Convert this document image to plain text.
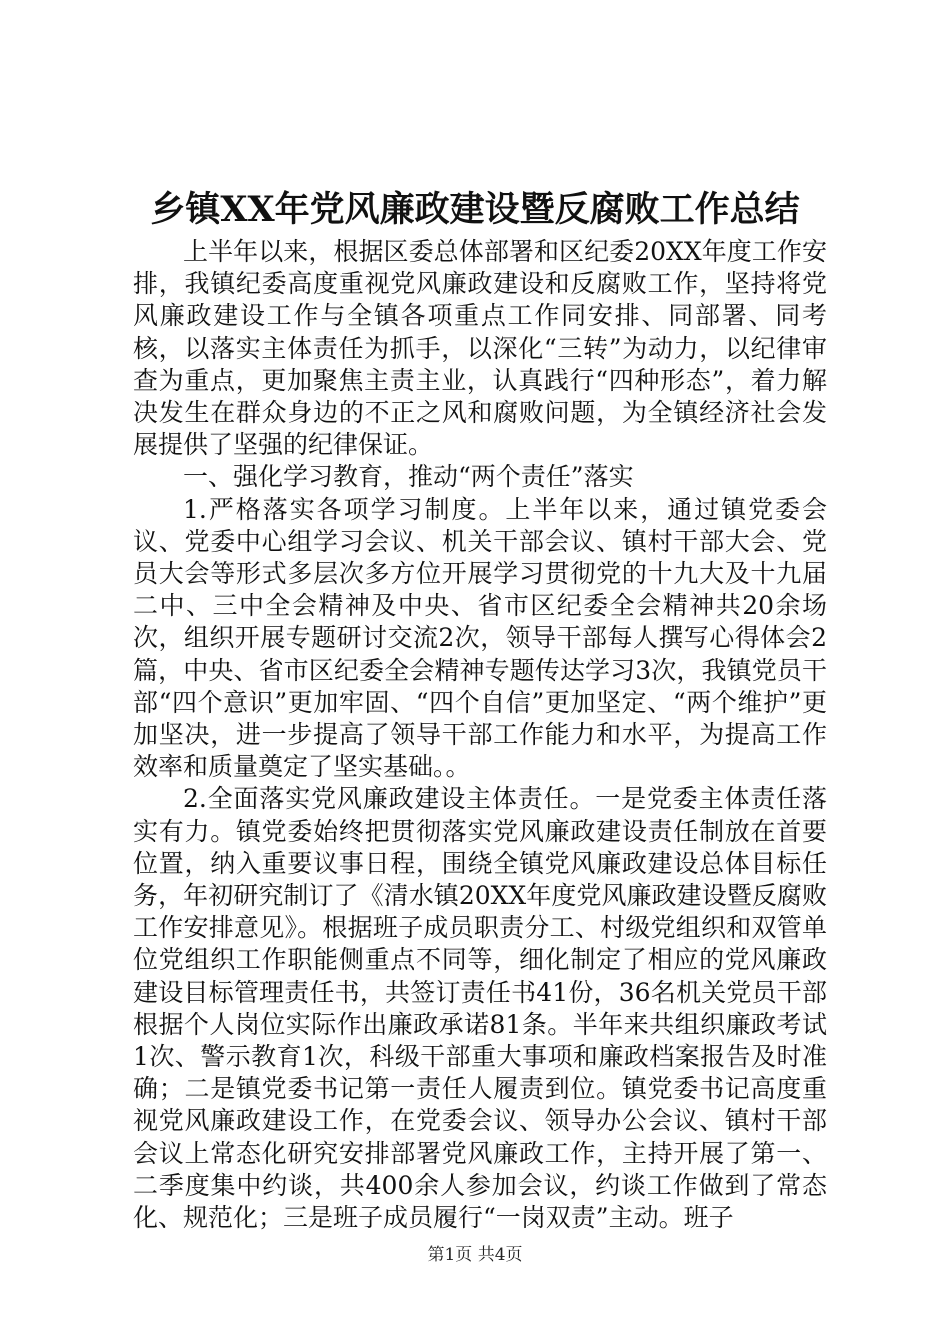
乡镇XX年党风廉政建设暨反腐败工作总结

上半年以来，根据区委总体部署和区纪委20XX年度工作安排，我镇纪委高度重视党风廉政建设和反腐败工作，坚持将党风廉政建设工作与全镇各项重点工作同安排、同部署、同考核，以落实主体责任为抓手，以深化“三转”为动力，以纪律审查为重点，更加聚焦主责主业，认真践行“四种形态”，着力解决发生在群众身边的不正之风和腐败问题，为全镇经济社会发展提供了坚强的纪律保证。

一、强化学习教育，推动“两个责任”落实

1.严格落实各项学习制度。上半年以来，通过镇党委会议、党委中心组学习会议、机关干部会议、镇村干部大会、党员大会等形式多层次多方位开展学习贯彻党的十九大及十九届二中、三中全会精神及中央、省市区纪委全会精神共20余场次，组织开展专题研讨交流2次，领导干部每人撰写心得体会2篇，中央、省市区纪委全会精神专题传达学习3次，我镇党员干部“四个意识”更加牢固、“四个自信”更加坚定、“两个维护”更加坚决，进一步提高了领导干部工作能力和水平，为提高工作效率和质量奠定了坚实基础。。

2.全面落实党风廉政建设主体责任。一是党委主体责任落实有力。镇党委始终把贯彻落实党风廉政建设责任制放在首要位置，纳入重要议事日程，围绕全镇党风廉政建设总体目标任务，年初研究制订了《清水镇20XX年度党风廉政建设暨反腐败工作安排意见》。根据班子成员职责分工、村级党组织和双管单位党组织工作职能侧重点不同等，细化制定了相应的党风廉政建设目标管理责任书，共签订责任书41份，36名机关党员干部根据个人岗位实际作出廉政承诺81条。半年来共组织廉政考试1次、警示教育1次，科级干部重大事项和廉政档案报告及时准确；二是镇党委书记第一责任人履责到位。镇党委书记高度重视党风廉政建设工作，在党委会议、领导办公会议、镇村干部会议上常态化研究安排部署党风廉政工作，主持开展了第一、二季度集中约谈，共400余人参加会议，约谈工作做到了常态化、规范化；三是班子成员履行“一岗双责”主动。班子

第1页 共4页
